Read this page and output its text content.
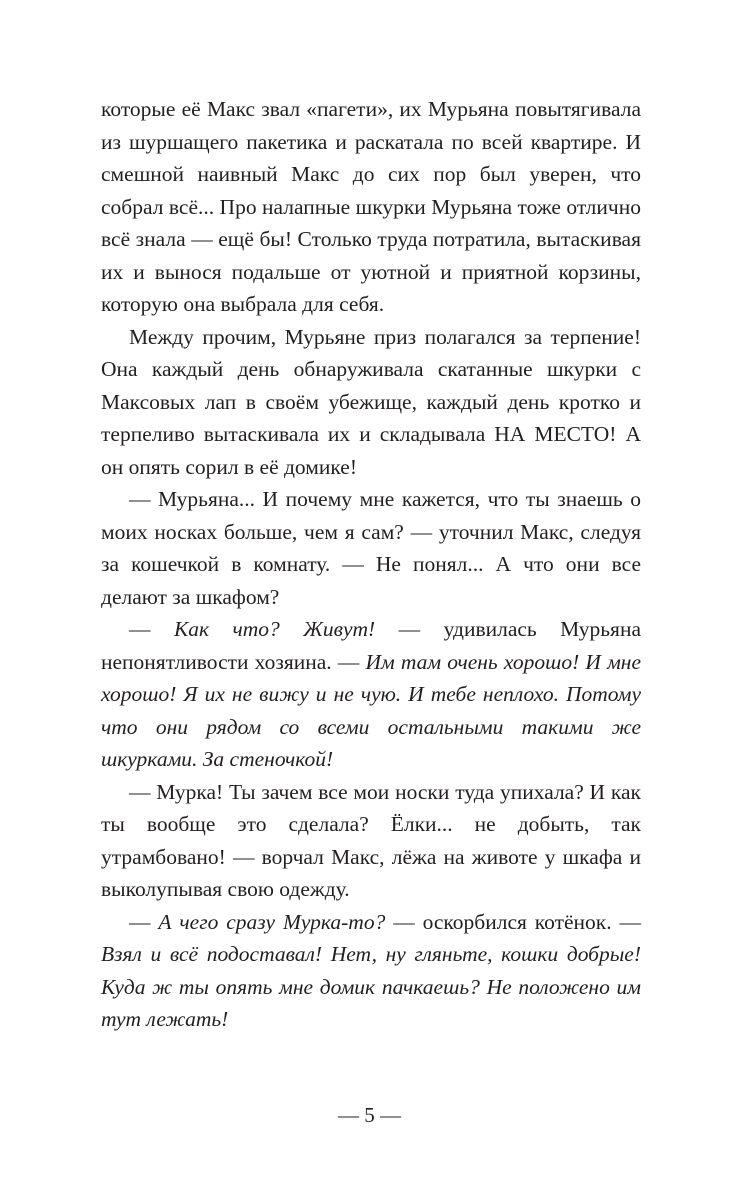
которые её Макс звал «пагети», их Мурьяна повытягивала из шуршащего пакетика и раскатала по всей квартире. И смешной наивный Макс до сих пор был уверен, что собрал всё... Про налапные шкурки Мурьяна тоже отлично всё знала — ещё бы! Столько труда потратила, вытаскивая их и вынося подальше от уютной и приятной корзины, которую она выбрала для себя.

Между прочим, Мурьяне приз полагался за терпение! Она каждый день обнаруживала скатанные шкурки с Максовых лап в своём убежище, каждый день кротко и терпеливо вытаскивала их и складывала НА МЕСТО! А он опять сорил в её домике!

— Мурьяна... И почему мне кажется, что ты знаешь о моих носках больше, чем я сам? — уточнил Макс, следуя за кошечкой в комнату. — Не понял... А что они все делают за шкафом?

— Как что? Живут! — удивилась Мурьяна непонятливости хозяина. — Им там очень хорошо! И мне хорошо! Я их не вижу и не чую. И тебе неплохо. Потому что они рядом со всеми остальными такими же шкурками. За стеночкой!

— Мурка! Ты зачем все мои носки туда упихала? И как ты вообще это сделала? Ёлки... не добыть, так утрамбовано! — ворчал Макс, лёжа на животе у шкафа и выколупывая свою одежду.

— А чего сразу Мурка-то? — оскорбился котёнок. — Взял и всё подоставал! Нет, ну гляньте, кошки добрые! Куда ж ты опять мне домик пачкаешь? Не положено им тут лежать!

— 5 —
